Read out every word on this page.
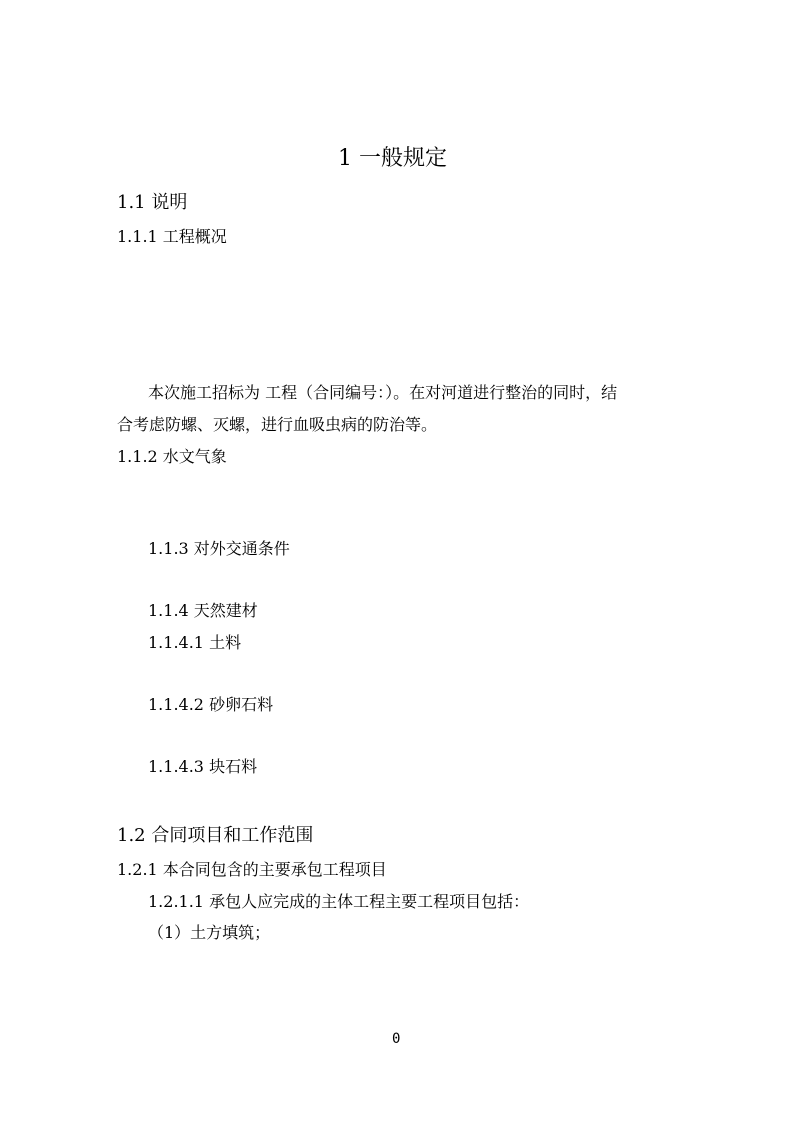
1 一般规定
1.1 说明
1.1.1 工程概况
本次施工招标为 工程（合同编号：）。在对河道进行整治的同时，结
合考虑防螺、灭螺，进行血吸虫病的防治等。
1.1.2 水文气象
1.1.3 对外交通条件
1.1.4 天然建材
1.1.4.1 土料
1.1.4.2 砂卵石料
1.1.4.3 块石料
1.2 合同项目和工作范围
1.2.1 本合同包含的主要承包工程项目
1.2.1.1 承包人应完成的主体工程主要工程项目包括：
（1）土方填筑；
0
